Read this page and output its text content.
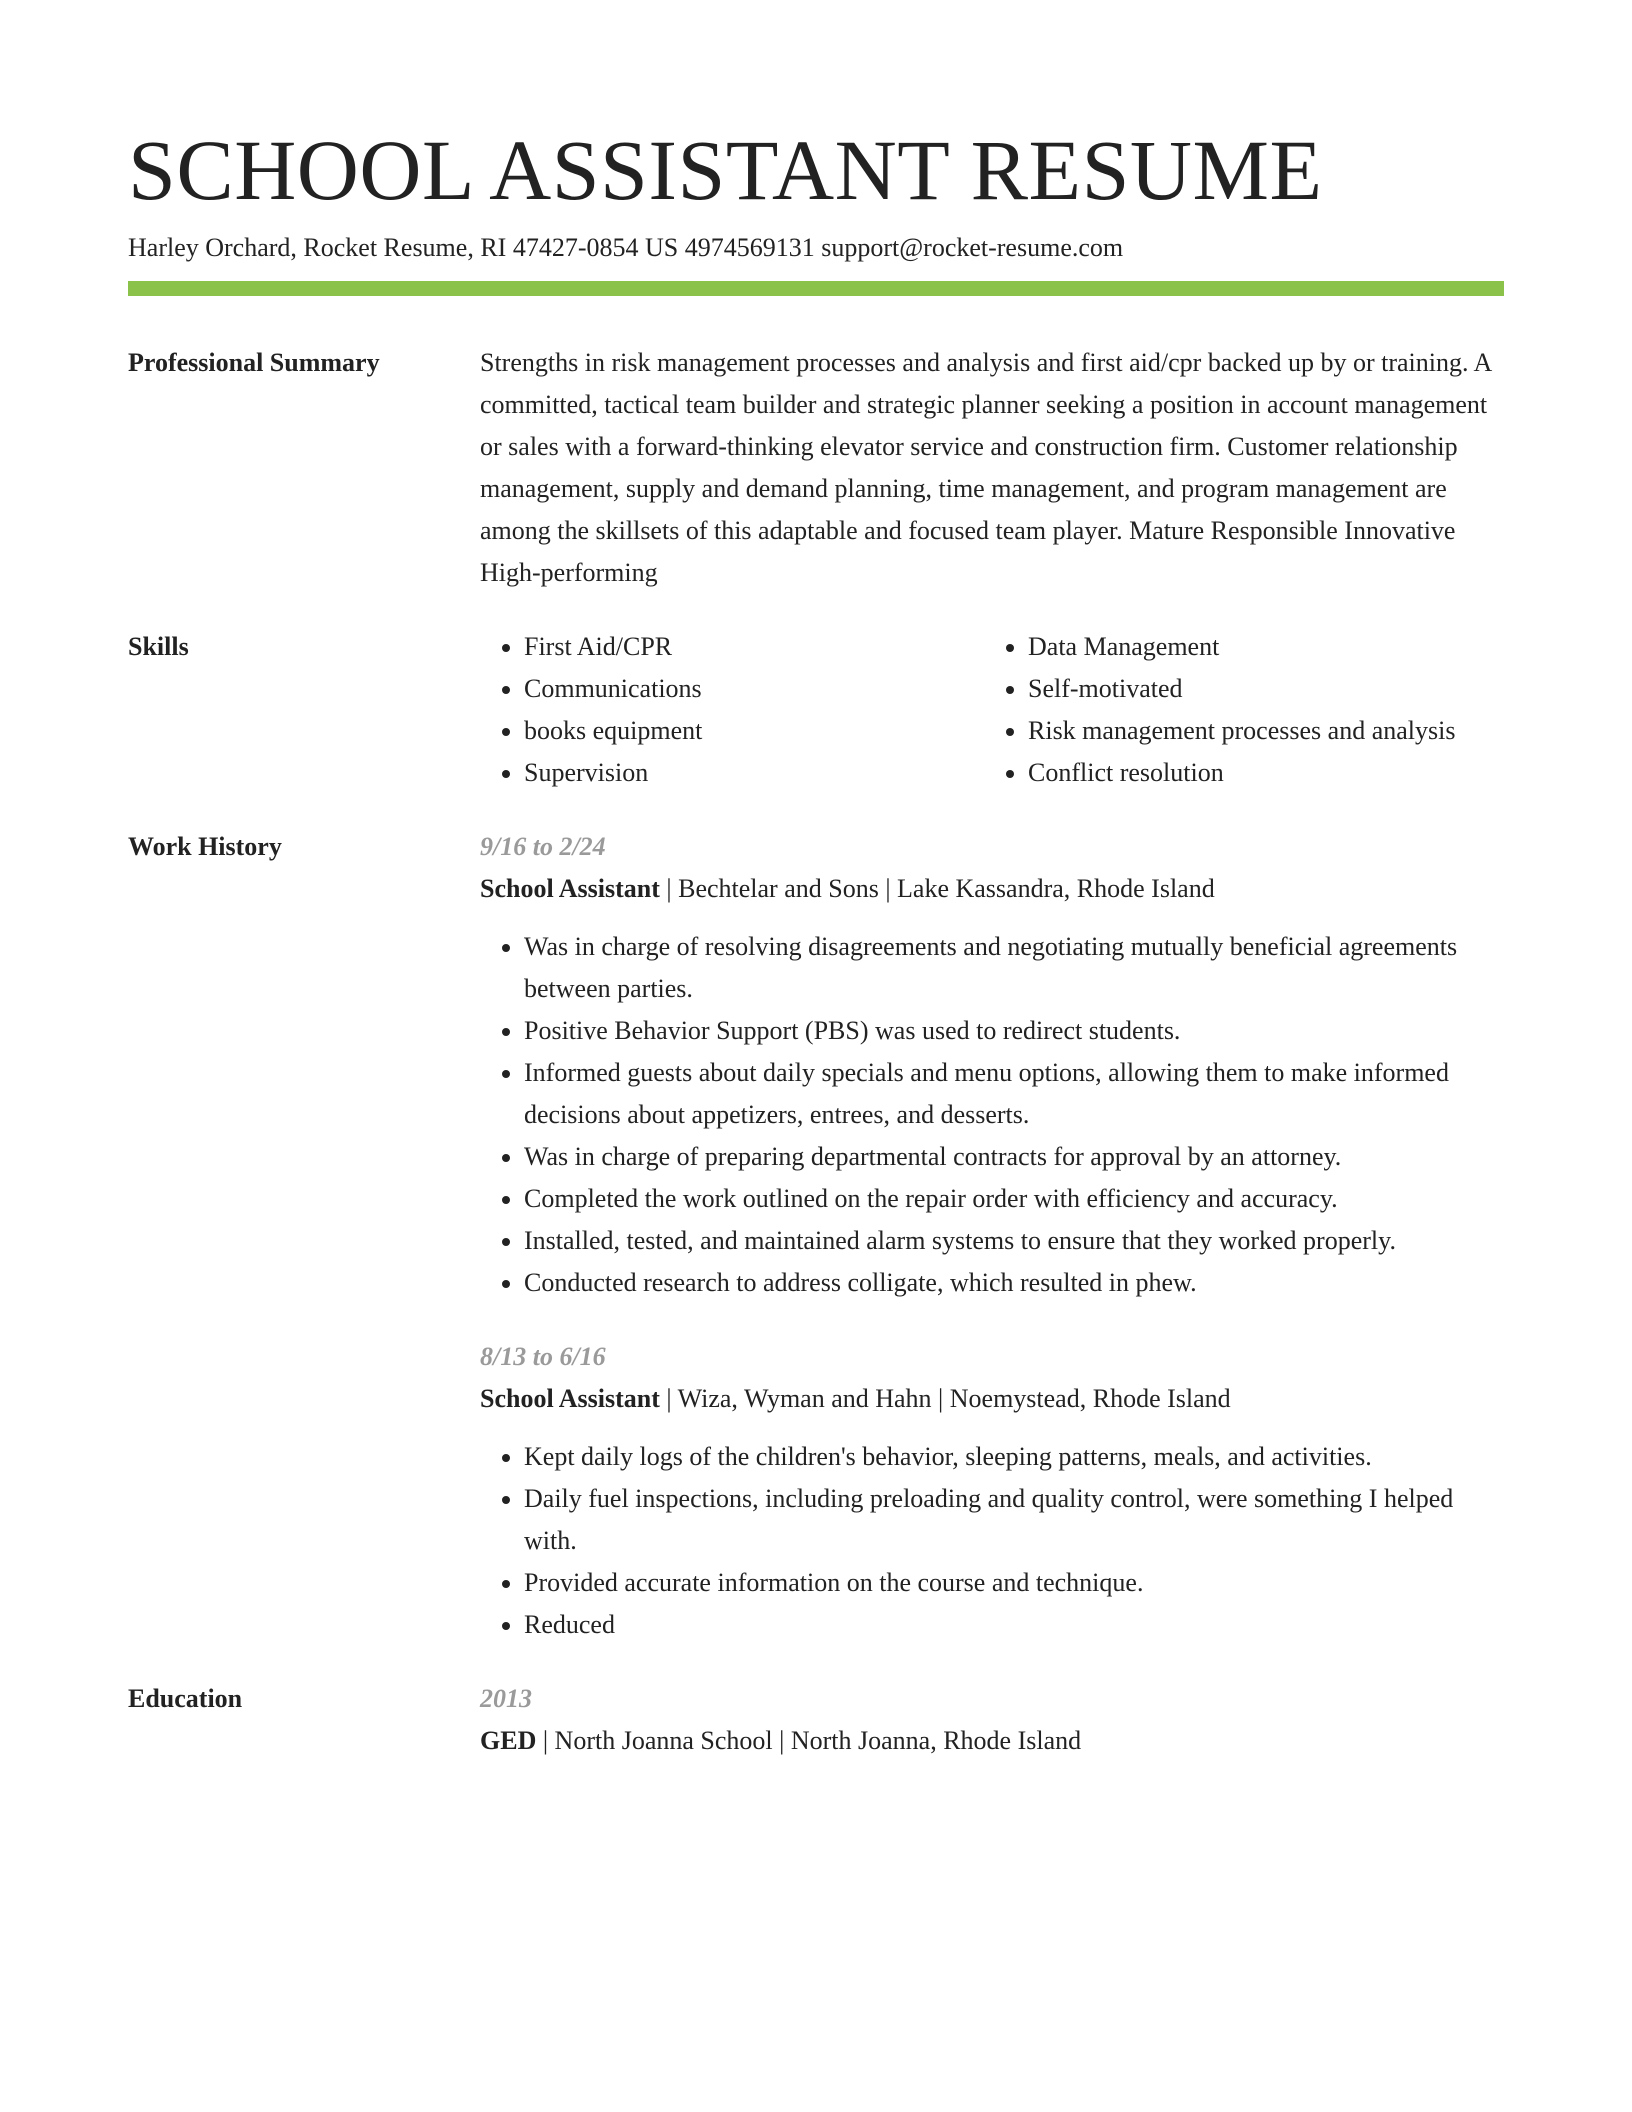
SCHOOL ASSISTANT RESUME
Harley Orchard, Rocket Resume, RI 47427-0854 US 4974569131 support@rocket-resume.com
Professional Summary	Strengths in risk management processes and analysis and first aid/cpr backed up by or training. A committed, tactical team builder and strategic planner seeking a position in account management or sales with a forward-thinking elevator service and construction firm. Customer relationship management, supply and demand planning, time management, and program management are among the skillsets of this adaptable and focused team player. Mature Responsible Innovative High-performing
Skills
•	First Aid/CPR
• Communications
• books equipment
• Supervision
• Data Management
• Self-motivated
• Risk management processes and analysis
• Conflict resolution
Work History	9/16 to 2/24
School Assistant | Bechtelar and Sons | Lake Kassandra, Rhode Island
• Was in charge of resolving disagreements and negotiating mutually beneficial agreements between parties.
• Positive Behavior Support (PBS) was used to redirect students.
• Informed guests about daily specials and menu options, allowing them to make informed decisions about appetizers, entrees, and desserts.
• Was in charge of preparing departmental contracts for approval by an attorney.
• Completed the work outlined on the repair order with efficiency and accuracy.
• Installed, tested, and maintained alarm systems to ensure that they worked properly.
• Conducted research to address colligate, which resulted in phew.
8/13 to 6/16
School Assistant | Wiza, Wyman and Hahn | Noemystead, Rhode Island
• Kept daily logs of the children's behavior, sleeping patterns, meals, and activities.
• Daily fuel inspections, including preloading and quality control, were something I helped with.
• Provided accurate information on the course and technique.
• Reduced
Education	2013
GED | North Joanna School | North Joanna, Rhode Island
